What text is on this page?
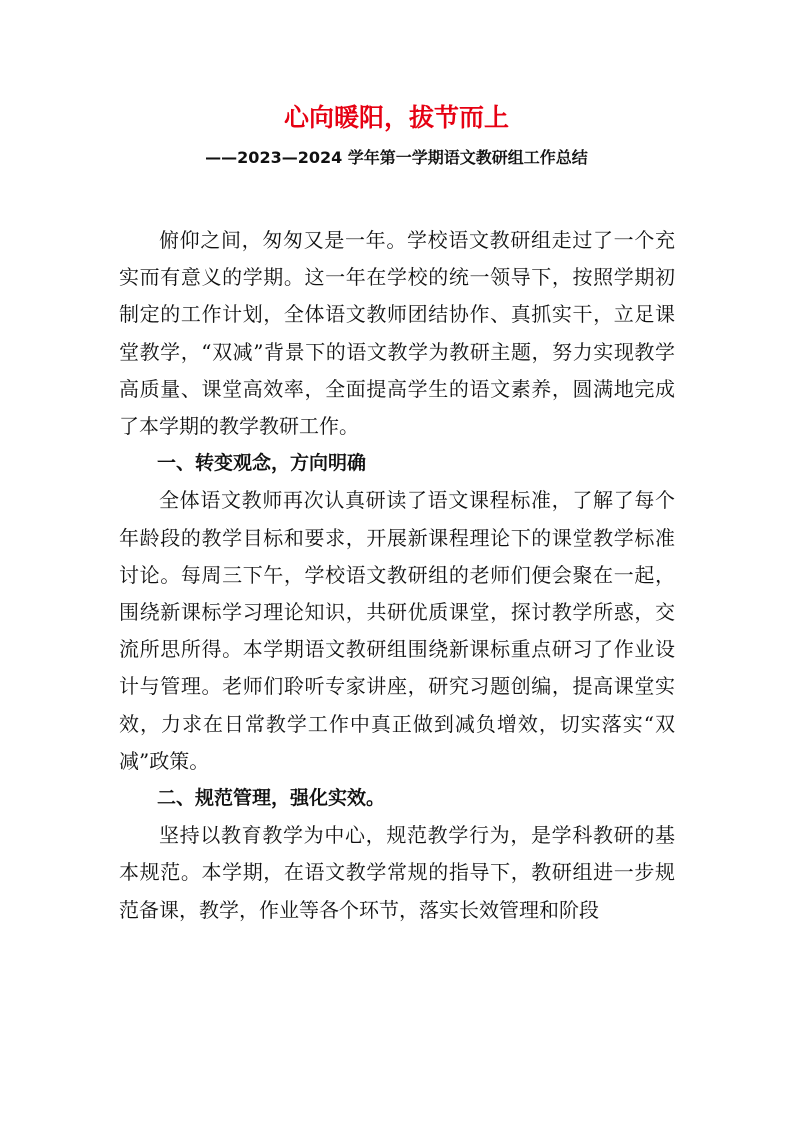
心向暖阳，拔节而上
——2023—2024 学年第一学期语文教研组工作总结

俯仰之间，匆匆又是一年。学校语文教研组走过了一个充实而有意义的学期。这一年在学校的统一领导下，按照学期初制定的工作计划，全体语文教师团结协作、真抓实干，立足课堂教学，“双减”背景下的语文教学为教研主题，努力实现教学高质量、课堂高效率，全面提高学生的语文素养，圆满地完成了本学期的教学教研工作。

一、转变观念，方向明确

全体语文教师再次认真研读了语文课程标准，了解了每个年龄段的教学目标和要求，开展新课程理论下的课堂教学标准讨论。每周三下午，学校语文教研组的老师们便会聚在一起，围绕新课标学习理论知识，共研优质课堂，探讨教学所惑，交流所思所得。本学期语文教研组围绕新课标重点研习了作业设计与管理。老师们聆听专家讲座，研究习题创编，提高课堂实效，力求在日常教学工作中真正做到减负增效，切实落实“双减”政策。

二、规范管理，强化实效。

坚持以教育教学为中心，规范教学行为，是学科教研的基本规范。本学期，在语文教学常规的指导下，教研组进一步规范备课，教学，作业等各个环节，落实长效管理和阶段
